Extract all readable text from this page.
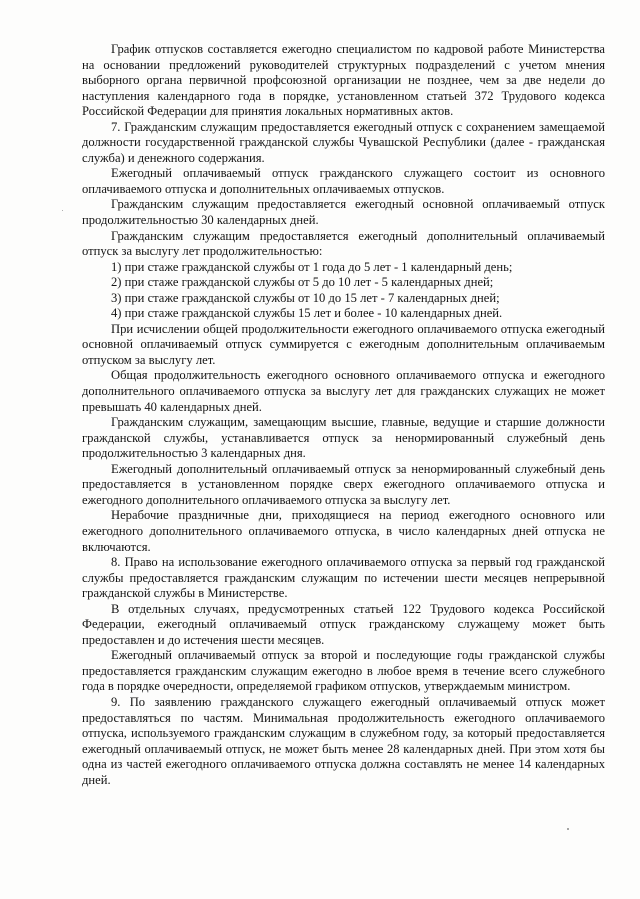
График отпусков составляется ежегодно специалистом по кадровой работе Министерства на основании предложений руководителей структурных подразделений с учетом мнения выборного органа первичной профсоюзной организации не позднее, чем за две недели до наступления календарного года в порядке, установленном статьей 372 Трудового кодекса Российской Федерации для принятия локальных нормативных актов.

7. Гражданским служащим предоставляется ежегодный отпуск с сохранением замещаемой должности государственной гражданской службы Чувашской Республики (далее - гражданская служба) и денежного содержания.

Ежегодный оплачиваемый отпуск гражданского служащего состоит из основного оплачиваемого отпуска и дополнительных оплачиваемых отпусков.

Гражданским служащим предоставляется ежегодный основной оплачиваемый отпуск продолжительностью 30 календарных дней.

Гражданским служащим предоставляется ежегодный дополнительный оплачиваемый отпуск за выслугу лет продолжительностью:

1) при стаже гражданской службы от 1 года до 5 лет - 1 календарный день;

2) при стаже гражданской службы от 5 до 10 лет - 5 календарных дней;

3) при стаже гражданской службы от 10 до 15 лет - 7 календарных дней;

4) при стаже гражданской службы 15 лет и более - 10 календарных дней.

При исчислении общей продолжительности ежегодного оплачиваемого отпуска ежегодный основной оплачиваемый отпуск суммируется с ежегодным дополнительным оплачиваемым отпуском за выслугу лет.

Общая продолжительность ежегодного основного оплачиваемого отпуска и ежегодного дополнительного оплачиваемого отпуска за выслугу лет для гражданских служащих не может превышать 40 календарных дней.

Гражданским служащим, замещающим высшие, главные, ведущие и старшие должности гражданской службы, устанавливается отпуск за ненормированный служебный день продолжительностью 3 календарных дня.

Ежегодный дополнительный оплачиваемый отпуск за ненормированный служебный день предоставляется в установленном порядке сверх ежегодного оплачиваемого отпуска и ежегодного дополнительного оплачиваемого отпуска за выслугу лет.

Нерабочие праздничные дни, приходящиеся на период ежегодного основного или ежегодного дополнительного оплачиваемого отпуска, в число календарных дней отпуска не включаются.

8. Право на использование ежегодного оплачиваемого отпуска за первый год гражданской службы предоставляется гражданским служащим по истечении шести месяцев непрерывной гражданской службы в Министерстве.

В отдельных случаях, предусмотренных статьей 122 Трудового кодекса Российской Федерации, ежегодный оплачиваемый отпуск гражданскому служащему может быть предоставлен и до истечения шести месяцев.

Ежегодный оплачиваемый отпуск за второй и последующие годы гражданской службы предоставляется гражданским служащим ежегодно в любое время в течение всего служебного года в порядке очередности, определяемой графиком отпусков, утверждаемым министром.

9. По заявлению гражданского служащего ежегодный оплачиваемый отпуск может предоставляться по частям. Минимальная продолжительность ежегодного оплачиваемого отпуска, используемого гражданским служащим в служебном году, за который предоставляется ежегодный оплачиваемый отпуск, не может быть менее 28 календарных дней. При этом хотя бы одна из частей ежегодного оплачиваемого отпуска должна составлять не менее 14 календарных дней.
